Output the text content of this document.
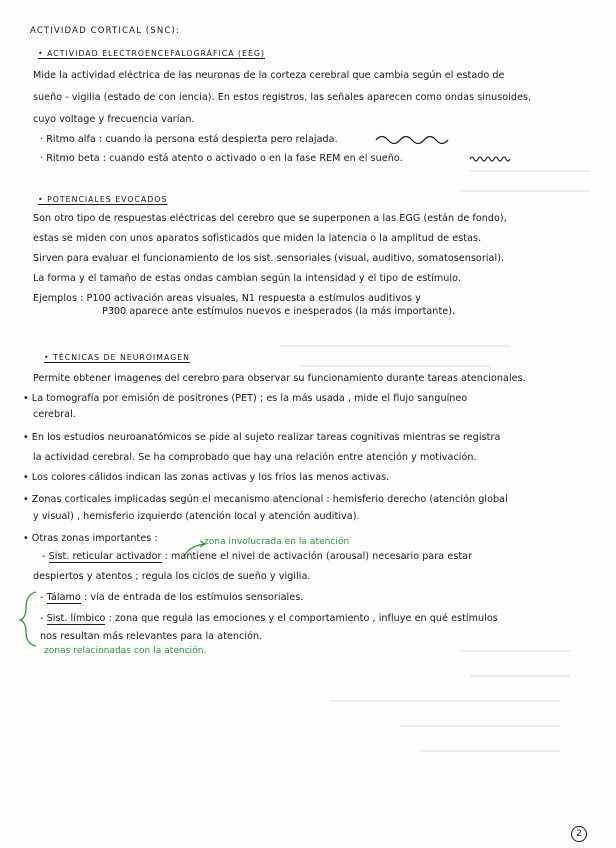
ACTIVIDAD CORTICAL (SNC):
• ACTIVIDAD ELECTROENCEFALOGRÁFICA (EEG)
Mide la actividad eléctrica de las neuronas de la corteza cerebral que cambia según el estado de
sueño - vigilia (estado de con iencia). En estos registros, las señales aparecen como ondas sinusoides,
cuyo voltage y frecuencia varían.
· Ritmo alfa : cuando la persona está despierta pero relajada.
· Ritmo beta : cuando está atento o activado o en la fase REM en el sueño.
• POTENCIALES EVOCADOS
Son otro tipo de respuestas eléctricas del cerebro que se superponen a las EGG (están de fondo),
estas se miden con unos aparatos sofisticados que miden la latencia o la amplitud de estas.
Sirven para evaluar el funcionamiento de los sist. sensoriales (visual, auditivo, somatosensorial).
La forma y el tamaño de estas ondas cambian según la intensidad y el tipo de estímulo.
Ejemplos : P100 activación areas visuales, N1 respuesta a estímulos auditivos y
P300 aparece ante estímulos nuevos e inesperados (la más importante).
• TÉCNICAS DE NEUROIMAGEN
Permite obtener imagenes del cerebro para observar su funcionamiento durante tareas atencionales.
• La tomografía por emisión de positrones (PET) ; es la más usada , mide el flujo sanguíneo
cerebral.
• En los estudios neuroanatómicos se pide al sujeto realizar tareas cognitivas mientras se registra
la actividad cerebral. Se ha comprobado que hay una relación entre atención y motivación.
• Los colores cálidos indican las zonas activas y los fríos las menos activas.
• Zonas corticales implicadas según el mecanismo atencional : hemisferio derecho (atención global
y visual) , hemisferio izquierdo (atención local y atención auditiva).
• Otras zonas importantes :	zona involucrada en la atención
- Sist. reticular activador : mantiene el nivel de activación (arousal) necesario para estar
despiertos y atentos ; regula los ciclos de sueño y vigilia.
- Tálamo : vía de entrada de los estímulos sensoriales.
- Sist. límbico : zona que regula las emociones y el comportamiento , influye en qué estímulos
nos resultan más relevantes para la atención.
zonas relacionadas con la atención.
2
